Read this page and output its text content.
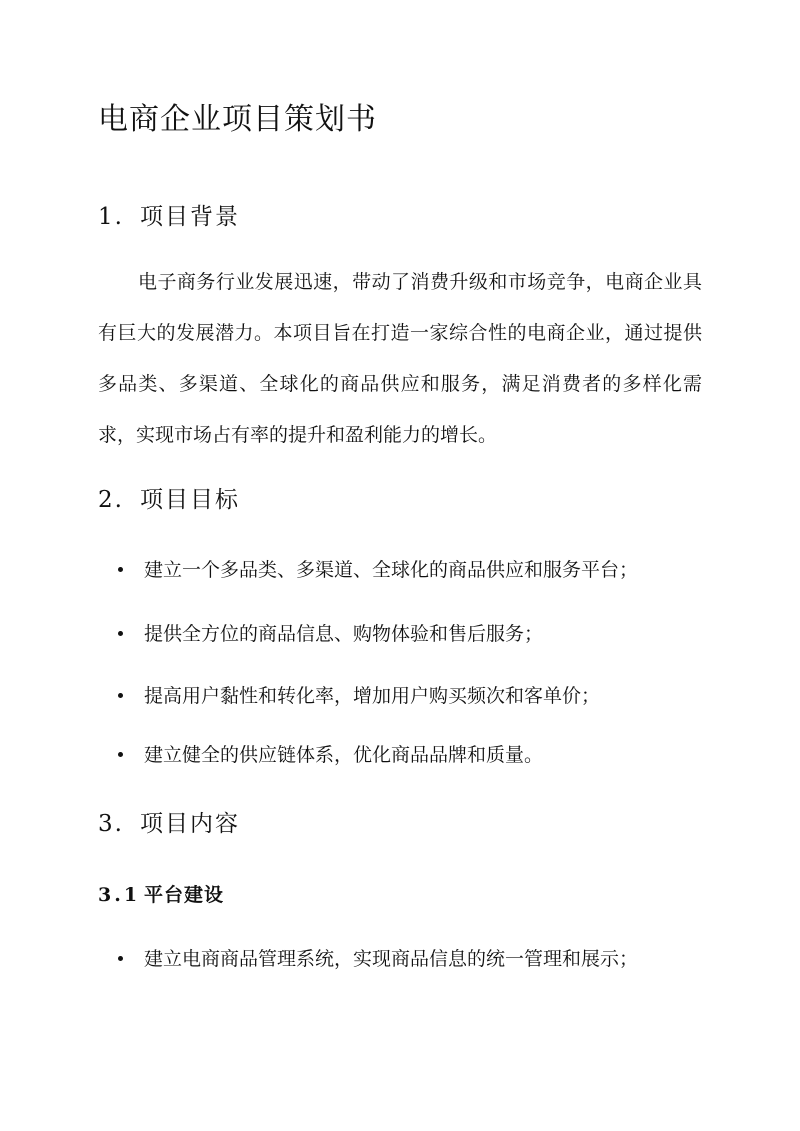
电商企业项目策划书
1. 项目背景

电子商务行业发展迅速，带动了消费升级和市场竞争，电商企业具有巨大的发展潜力。本项目旨在打造一家综合性的电商企业，通过提供多品类、多渠道、全球化的商品供应和服务，满足消费者的多样化需求，实现市场占有率的提升和盈利能力的增长。

2. 项目目标

建立一个多品类、多渠道、全球化的商品供应和服务平台；

提供全方位的商品信息、购物体验和售后服务；

提高用户黏性和转化率，增加用户购买频次和客单价；

建立健全的供应链体系，优化商品品牌和质量。

3. 项目内容
3.1 平台建设

建立电商商品管理系统，实现商品信息的统一管理和展示；
